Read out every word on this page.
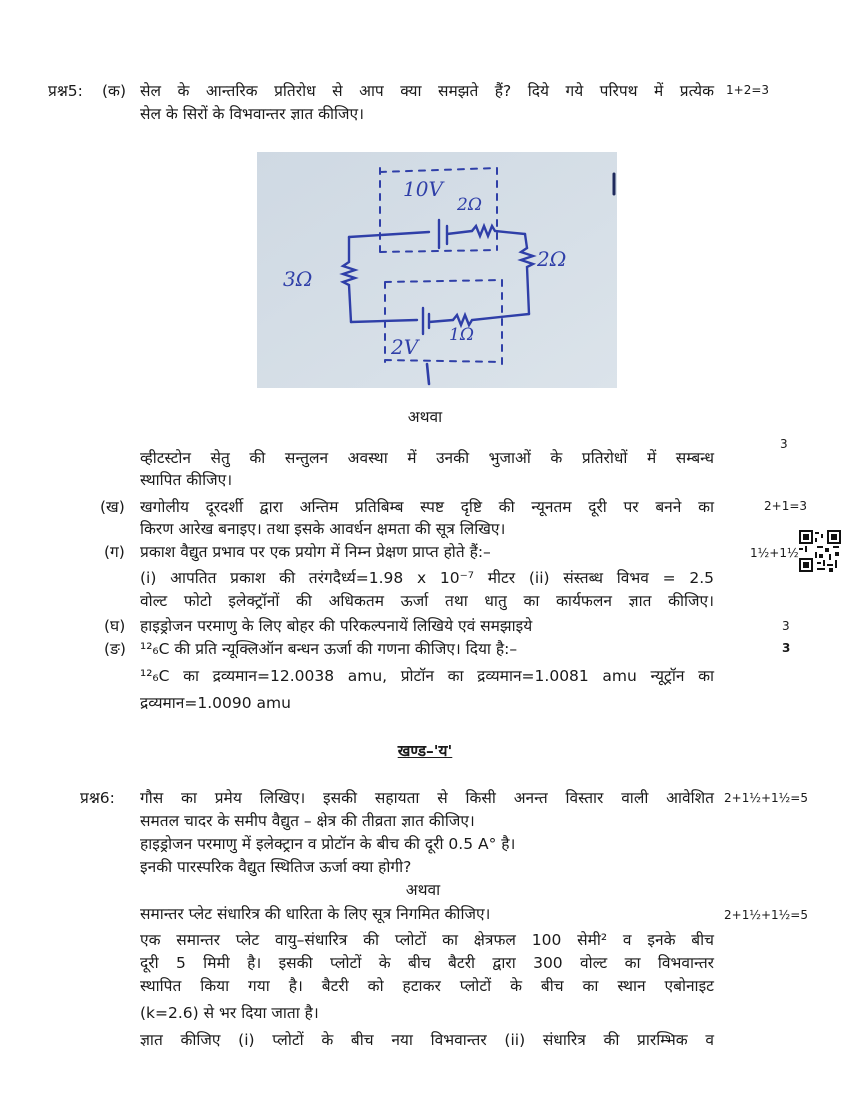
प्रश्न5: (क) सेल के आन्तरिक प्रतिरोध से आप क्या समझते हैं? दिये गये परिपथ में प्रत्येक
सेल के सिरों के विभवान्तर ज्ञात कीजिए।
1+2=3
10V
2Ω
2Ω
3Ω
2V 1Ω
अथवा
व्हीटस्टोन सेतु की सन्तुलन अवस्था में उनकी भुजाओं के प्रतिरोधों में सम्बन्ध
स्थापित कीजिए।
3
(ख) खगोलीय दूरदर्शी द्वारा अन्तिम प्रतिबिम्ब स्पष्ट दृष्टि की न्यूनतम दूरी पर बनने का
किरण आरेख बनाइए। तथा इसके आवर्धन क्षमता की सूत्र लिखिए।
2+1=3
(ग) प्रकाश वैद्युत प्रभाव पर एक प्रयोग में निम्न प्रेक्षण प्राप्त होते हैं:–
(i) आपतित प्रकाश की तरंगदैर्ध्य=1.98 x 10⁻⁷ मीटर (ii) संस्तब्ध विभव = 2.5
वोल्ट फोटो इलेक्ट्रॉनों की अधिकतम ऊर्जा तथा धातु का कार्यफलन ज्ञात कीजिए।
1½+1½
(घ) हाइड्रोजन परमाणु के लिए बोहर की परिकल्पनायें लिखिये एवं समझाइये	3
(ङ) ¹²₆C की प्रति न्यूक्लिऑन बन्धन ऊर्जा की गणना कीजिए। दिया है:–
¹²₆C का द्रव्यमान=12.0038 amu, प्रोटॉन का द्रव्यमान=1.0081 amu न्यूट्रॉन का
द्रव्यमान=1.0090 amu
3
खण्ड–'य'
प्रश्न6: गौस का प्रमेय लिखिए। इसकी सहायता से किसी अनन्त विस्तार वाली आवेशित
समतल चादर के समीप वैद्युत – क्षेत्र की तीव्रता ज्ञात कीजिए।
हाइड्रोजन परमाणु में इलेक्ट्रान व प्रोटॉन के बीच की दूरी 0.5 A° है।
इनकी पारस्परिक वैद्युत स्थितिज ऊर्जा क्या होगी?
2+1½+1½=5
अथवा
समान्तर प्लेट संधारित्र की धारिता के लिए सूत्र निगमित कीजिए।
एक समान्तर प्लेट वायु–संधारित्र की प्लोटों का क्षेत्रफल 100 सेमी² व इनके बीच
दूरी 5 मिमी है। इसकी प्लोटों के बीच बैटरी द्वारा 300 वोल्ट का विभवान्तर
स्थापित किया गया है। बैटरी को हटाकर प्लोटों के बीच का स्थान एबोनाइट
(k=2.6) से भर दिया जाता है।
ज्ञात कीजिए (i) प्लोटों के बीच नया विभवान्तर (ii) संधारित्र की प्रारम्भिक व
2+1½+1½=5
